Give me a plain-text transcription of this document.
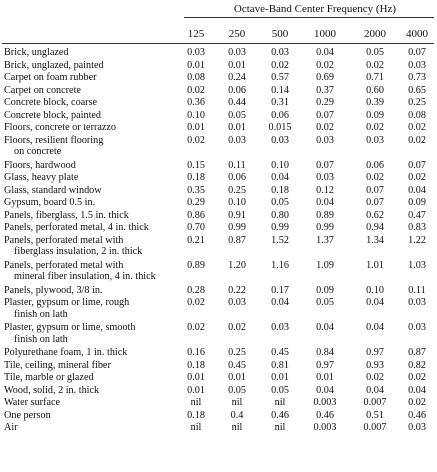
Octave-Band Center Frequency (Hz)
125	250	500	1000	2000	4000
Brick, unglazed	0.03	0.03	0.03	0.04	0.05	0.07
Brick, unglazed, painted	0.01	0.01	0.02	0.02	0.02	0.03
Carpet on foam rubber	0.08	0.24	0.57	0.69	0.71	0.73
Carpet on concrete	0.02	0.06	0.14	0.37	0.60	0.65
Concrete block, coarse	0.36	0.44	0.31	0.29	0.39	0.25
Concrete block, painted	0.10	0.05	0.06	0.07	0.09	0.08
Floors, concrete or terrazzo	0.01	0.01	0.015	0.02	0.02	0.02
Floors, resilient flooring	0.02	0.03	0.03	0.03	0.03	0.02
on concrete
Floors, hardwood	0.15	0.11	0.10	0.07	0.06	0.07
Glass, heavy plate	0.18	0.06	0.04	0.03	0.02	0.02
Glass, standard window	0.35	0.25	0.18	0.12	0.07	0.04
Gypsum, board 0.5 in.	0.29	0.10	0.05	0.04	0.07	0.09
Panels, fiberglass, 1.5 in. thick	0.86	0.91	0.80	0.89	0.62	0.47
Panels, perforated metal, 4 in. thick	0.70	0.99	0.99	0.99	0.94	0.83
Panels, perforated metal with	0.21	0.87	1.52	1.37	1.34	1.22
fiberglass insulation, 2 in. thick
Panels, perforated metal with	0.89	1.20	1.16	1.09	1.01	1.03
mineral fiber insulation, 4 in. thick
Panels, plywood, 3/8 in.	0.28	0.22	0.17	0.09	0.10	0.11
Plaster, gypsum or lime, rough	0.02	0.03	0.04	0.05	0.04	0.03
finish on lath
Plaster, gypsum or lime, smooth	0.02	0.02	0.03	0.04	0.04	0.03
finish on lath
Polyurethane foam, 1 in. thick	0.16	0.25	0.45	0.84	0.97	0.87
Tile, ceiling, mineral fiber	0.18	0.45	0.81	0.97	0.93	0.82
Tile, marble or glazed	0.01	0.01	0.01	0.01	0.02	0.02
Wood, solid, 2 in. thick	0.01	0.05	0.05	0.04	0.04	0.04
Water surface	nil	nil	nil	0.003	0.007	0.02
One person	0.18	0.4	0.46	0.46	0.51	0.46
Air	nil	nil	nil	0.003	0.007	0.03
